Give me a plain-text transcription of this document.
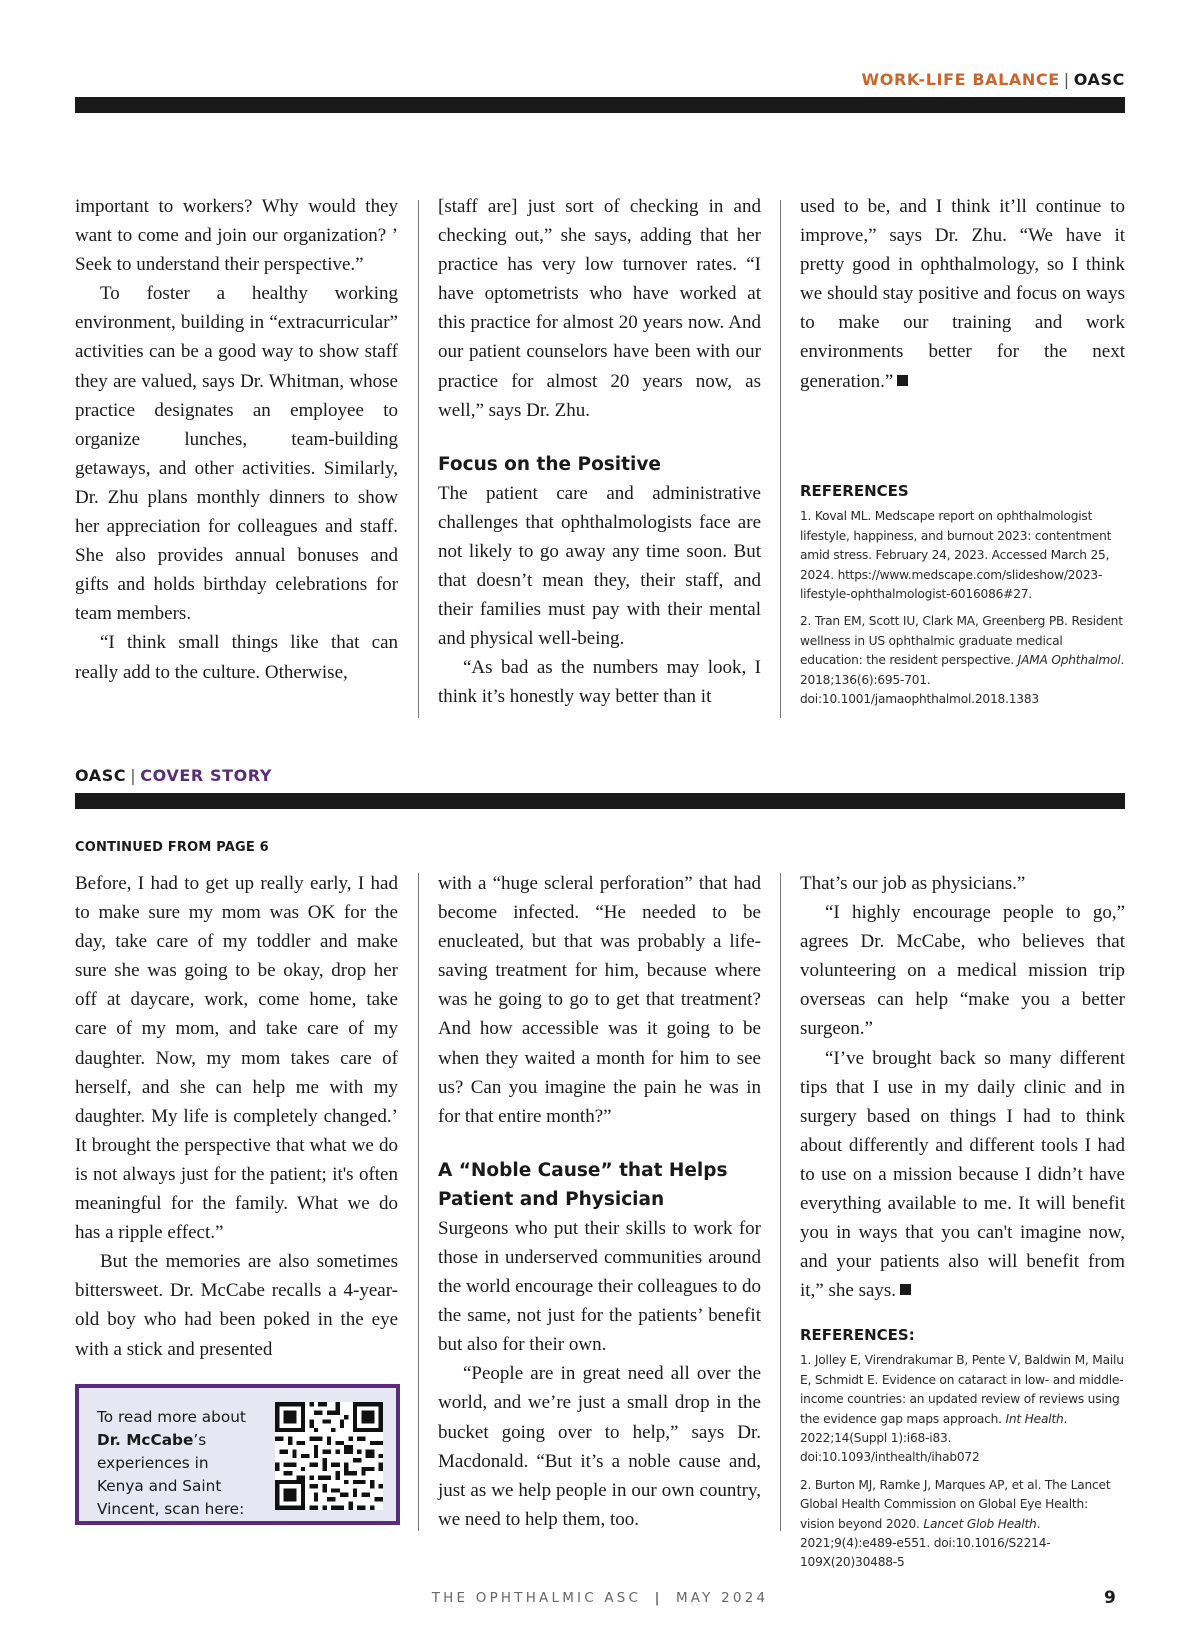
WORK-LIFE BALANCE | OASC

important to workers? Why would they want to come and join our organization? ’ Seek to understand their perspective.”

To foster a healthy working environment, building in “extracurricular” activities can be a good way to show staff they are valued, says Dr. Whitman, whose practice designates an employee to organize lunches, team-building getaways, and other activities. Similarly, Dr. Zhu plans monthly dinners to show her appreciation for colleagues and staff. She also provides annual bonuses and gifts and holds birthday celebrations for team members.

“I think small things like that can really add to the culture. Otherwise,

[staff are] just sort of checking in and checking out,” she says, adding that her practice has very low turnover rates. “I have optometrists who have worked at this practice for almost 20 years now. And our patient counselors have been with our practice for almost 20 years now, as well,” says Dr. Zhu.

Focus on the Positive

The patient care and administrative challenges that ophthalmologists face are not likely to go away any time soon. But that doesn’t mean they, their staff, and their families must pay with their mental and physical well-being.

“As bad as the numbers may look, I think it’s honestly way better than it

used to be, and I think it’ll continue to improve,” says Dr. Zhu. “We have it pretty good in ophthalmology, so I think we should stay positive and focus on ways to make our training and work environments better for the next generation.”

REFERENCES

1. Koval ML. Medscape report on ophthalmologist lifestyle, happiness, and burnout 2023: contentment amid stress. February 24, 2023. Accessed March 25, 2024. https://www.medscape.com/slideshow/2023-lifestyle-ophthalmologist-6016086#27.

2. Tran EM, Scott IU, Clark MA, Greenberg PB. Resident wellness in US ophthalmic graduate medical education: the resident perspective. JAMA Ophthalmol. 2018;136(6):695-701. doi:10.1001/jamaophthalmol.2018.1383

OASC | COVER STORY
CONTINUED FROM PAGE 6

Before, I had to get up really early, I had to make sure my mom was OK for the day, take care of my toddler and make sure she was going to be okay, drop her off at daycare, work, come home, take care of my mom, and take care of my daughter. Now, my mom takes care of herself, and she can help me with my daughter. My life is completely changed.’ It brought the perspective that what we do is not always just for the patient; it's often meaningful for the family. What we do has a ripple effect.”

But the memories are also sometimes bittersweet. Dr. McCabe recalls a 4-year-old boy who had been poked in the eye with a stick and presented

To read more about
Dr. McCabe’s experiences in Kenya and Saint Vincent, scan here:

with a “huge scleral perforation” that had become infected. “He needed to be enucleated, but that was probably a life-saving treatment for him, because where was he going to go to get that treatment? And how accessible was it going to be when they waited a month for him to see us? Can you imagine the pain he was in for that entire month?”

A “Noble Cause” that Helps Patient and Physician

Surgeons who put their skills to work for those in underserved communities around the world encourage their colleagues to do the same, not just for the patients’ benefit but also for their own.

“People are in great need all over the world, and we’re just a small drop in the bucket going over to help,” says Dr. Macdonald. “But it’s a noble cause and, just as we help people in our own country, we need to help them, too.

That’s our job as physicians.”

“I highly encourage people to go,” agrees Dr. McCabe, who believes that volunteering on a medical mission trip overseas can help “make you a better surgeon.”

“I’ve brought back so many different tips that I use in my daily clinic and in surgery based on things I had to think about differently and different tools I had to use on a mission because I didn’t have everything available to me. It will benefit you in ways that you can't imagine now, and your patients also will benefit from it,” she says.

REFERENCES:

1. Jolley E, Virendrakumar B, Pente V, Baldwin M, Mailu E, Schmidt E. Evidence on cataract in low- and middle-income countries: an updated review of reviews using the evidence gap maps approach. Int Health. 2022;14(Suppl 1):i68-i83. doi:10.1093/inthealth/ihab072

2. Burton MJ, Ramke J, Marques AP, et al. The Lancet Global Health Commission on Global Eye Health: vision beyond 2020. Lancet Glob Health. 2021;9(4):e489-e551. doi:10.1016/S2214-109X(20)30488-5

THE OPHTHALMIC ASC | MAY 2024	9
